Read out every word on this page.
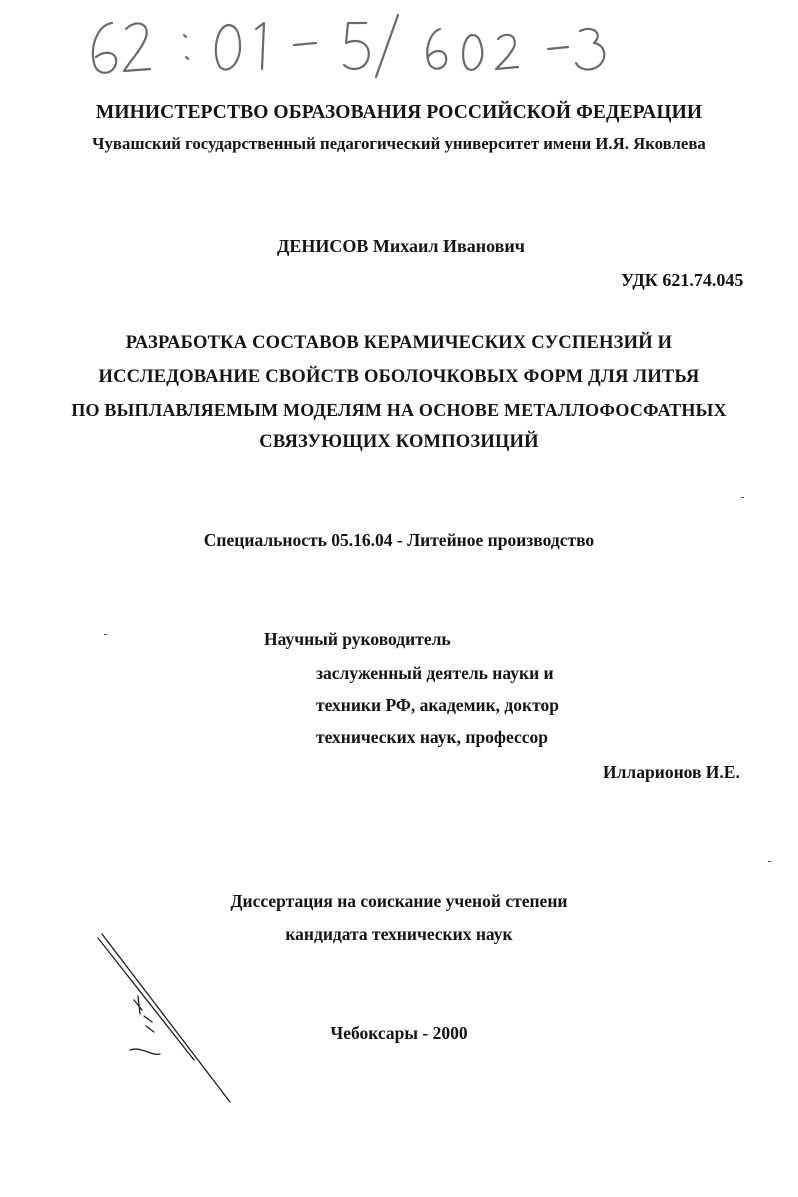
МИНИСТЕРСТВО ОБРАЗОВАНИЯ РОССИЙСКОЙ ФЕДЕРАЦИИ
Чувашский государственный педагогический университет имени И.Я. Яковлева
ДЕНИСОВ Михаил Иванович
УДК 621.74.045
РАЗРАБОТКА СОСТАВОВ КЕРАМИЧЕСКИХ СУСПЕНЗИЙ И
ИССЛЕДОВАНИЕ СВОЙСТВ ОБОЛОЧКОВЫХ ФОРМ ДЛЯ ЛИТЬЯ
ПО ВЫПЛАВЛЯЕМЫМ МОДЕЛЯМ НА ОСНОВЕ МЕТАЛЛОФОСФАТНЫХ
СВЯЗУЮЩИХ КОМПОЗИЦИЙ
Специальность 05.16.04 - Литейное производство
Научный руководитель
заслуженный деятель науки и
техники РФ, академик, доктор
технических наук, профессор
Илларионов И.Е.
Диссертация на соискание ученой степени
кандидата технических наук
Чебоксары - 2000
